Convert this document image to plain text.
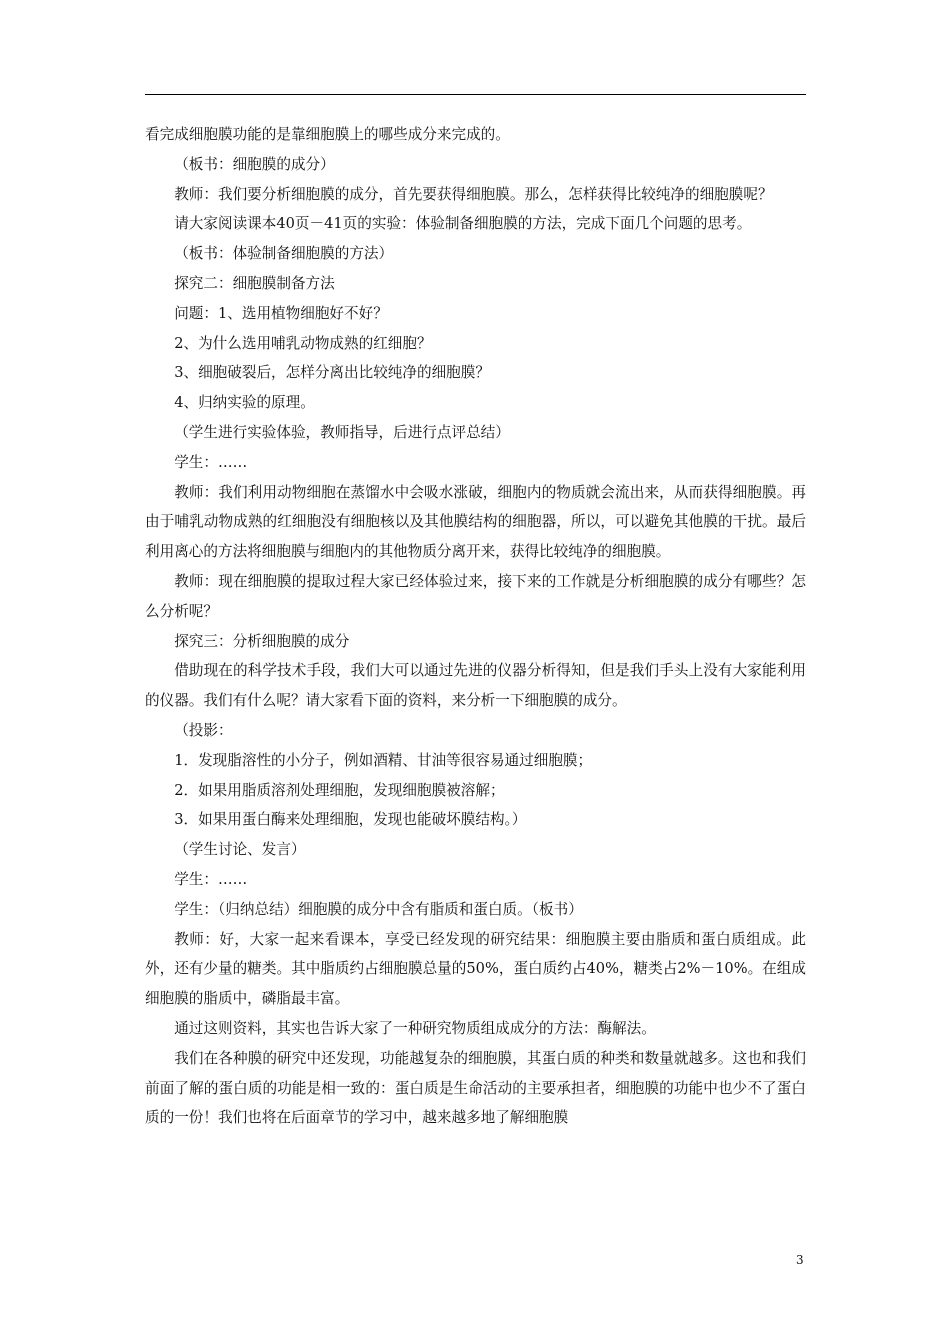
看完成细胞膜功能的是靠细胞膜上的哪些成分来完成的。

（板书：细胞膜的成分）

教师：我们要分析细胞膜的成分，首先要获得细胞膜。那么，怎样获得比较纯净的细胞膜呢？

请大家阅读课本40页－41页的实验：体验制备细胞膜的方法，完成下面几个问题的思考。

（板书：体验制备细胞膜的方法）

探究二：细胞膜制备方法

问题：1、选用植物细胞好不好？

2、为什么选用哺乳动物成熟的红细胞？

3、细胞破裂后，怎样分离出比较纯净的细胞膜？

4、归纳实验的原理。

（学生进行实验体验，教师指导，后进行点评总结）

学生：……

教师：我们利用动物细胞在蒸馏水中会吸水涨破，细胞内的物质就会流出来，从而获得细胞膜。再由于哺乳动物成熟的红细胞没有细胞核以及其他膜结构的细胞器，所以，可以避免其他膜的干扰。最后利用离心的方法将细胞膜与细胞内的其他物质分离开来，获得比较纯净的细胞膜。

教师：现在细胞膜的提取过程大家已经体验过来，接下来的工作就是分析细胞膜的成分有哪些？怎么分析呢？

探究三：分析细胞膜的成分

借助现在的科学技术手段，我们大可以通过先进的仪器分析得知，但是我们手头上没有大家能利用的仪器。我们有什么呢？请大家看下面的资料，来分析一下细胞膜的成分。

（投影：

1．发现脂溶性的小分子，例如酒精、甘油等很容易通过细胞膜；

2．如果用脂质溶剂处理细胞，发现细胞膜被溶解；

3．如果用蛋白酶来处理细胞，发现也能破坏膜结构。）

（学生讨论、发言）

学生：……

学生：（归纳总结）细胞膜的成分中含有脂质和蛋白质。（板书）

教师：好，大家一起来看课本，享受已经发现的研究结果：细胞膜主要由脂质和蛋白质组成。此外，还有少量的糖类。其中脂质约占细胞膜总量的50%，蛋白质约占40%，糖类占2%－10%。在组成细胞膜的脂质中，磷脂最丰富。

通过这则资料，其实也告诉大家了一种研究物质组成成分的方法：酶解法。

我们在各种膜的研究中还发现，功能越复杂的细胞膜，其蛋白质的种类和数量就越多。这也和我们前面了解的蛋白质的功能是相一致的：蛋白质是生命活动的主要承担者，细胞膜的功能中也少不了蛋白质的一份！我们也将在后面章节的学习中，越来越多地了解细胞膜

3
